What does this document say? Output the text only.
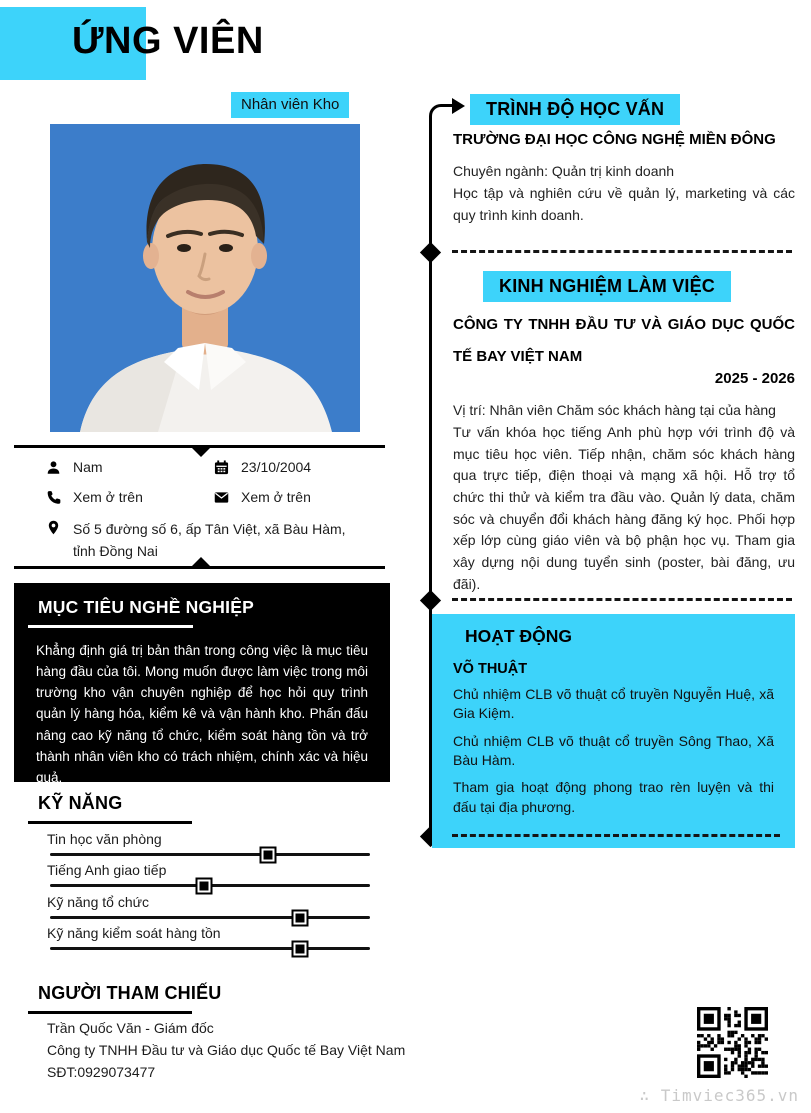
ỨNG VIÊN
Nhân viên Kho
Nam	23/10/2004
Xem ở trên	Xem ở trên
Số 5 đường số 6, ấp Tân Việt, xã Bàu Hàm, tỉnh Đồng Nai
MỤC TIÊU NGHỀ NGHIỆP

Khẳng định giá trị bản thân trong công việc là mục tiêu hàng đầu của tôi. Mong muốn được làm việc trong môi trường kho vận chuyên nghiệp để học hỏi quy trình quản lý hàng hóa, kiểm kê và vận hành kho. Phấn đấu nâng cao kỹ năng tổ chức, kiểm soát hàng tồn và trở thành nhân viên kho có trách nhiệm, chính xác và hiệu quả.

KỸ NĂNG
Tin học văn phòng
Tiếng Anh giao tiếp
Kỹ năng tổ chức
Kỹ năng kiểm soát hàng tồn
NGƯỜI THAM CHIẾU

Trần Quốc Văn - Giám đốc

Công ty TNHH Đầu tư và Giáo dục Quốc tế Bay Việt Nam

SĐT:0929073477

TRÌNH ĐỘ HỌC VẤN

TRƯỜNG ĐẠI HỌC CÔNG NGHỆ MIỀN ĐÔNG

Chuyên ngành: Quản trị kinh doanh

Học tập và nghiên cứu về quản lý, marketing và các quy trình kinh doanh.

KINH NGHIỆM LÀM VIỆC

CÔNG TY TNHH ĐẦU TƯ VÀ GIÁO DỤC QUỐC TẾ BAY VIỆT NAM

2025 - 2026

Vị trí: Nhân viên Chăm sóc khách hàng tại của hàng

Tư vấn khóa học tiếng Anh phù hợp với trình độ và mục tiêu học viên. Tiếp nhận, chăm sóc khách hàng qua trực tiếp, điện thoại và mạng xã hội. Hỗ trợ tổ chức thi thử và kiểm tra đầu vào. Quản lý data, chăm sóc và chuyển đổi khách hàng đăng ký học. Phối hợp xếp lớp cùng giáo viên và bộ phận học vụ. Tham gia xây dựng nội dung tuyển sinh (poster, bài đăng, ưu đãi).

HOẠT ĐỘNG
VÕ THUẬT

Chủ nhiệm CLB võ thuật cổ truyền Nguyễn Huệ, xã Gia Kiệm.

Chủ nhiệm CLB võ thuật cổ truyền Sông Thao, Xã Bàu Hàm.

Tham gia hoạt động phong trao rèn luyện và thi đấu tại địa phương.

∴ Timviec365.vn
